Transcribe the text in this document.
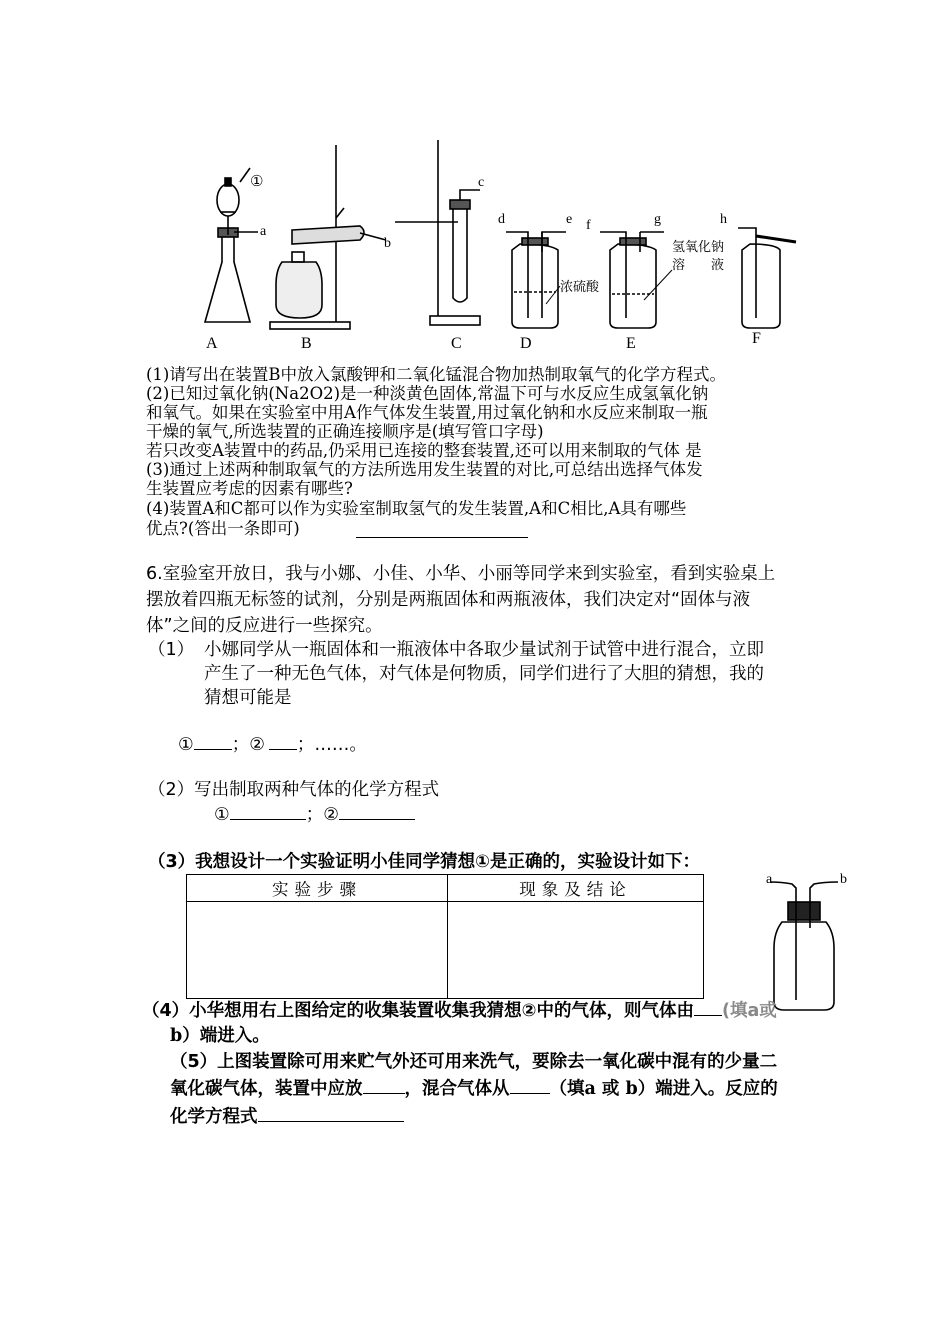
A	B	C	D	E	F
a
b
c
d	e f	g	h
①
浓硫酸
氢氧化钠
溶　　液
(1)请写出在装置B中放入氯酸钾和二氧化锰混合物加热制取氧气的化学方程式。
(2)已知过氧化钠(Na2O2)是一种淡黄色固体,常温下可与水反应生成氢氧化钠
和氧气。如果在实验室中用A作气体发生装置,用过氧化钠和水反应来制取一瓶
干燥的氧气,所选装置的正确连接顺序是(填写管口字母)
若只改变A装置中的药品,仍采用已连接的整套装置,还可以用来制取的气体 是
(3)通过上述两种制取氧气的方法所选用发生装置的对比,可总结出选择气体发
生装置应考虑的因素有哪些?
(4)装置A和C都可以作为实验室制取氢气的发生装置,A和C相比,A具有哪些
优点?(答出一条即可)
6.室验室开放日，我与小娜、小佳、小华、小丽等同学来到实验室，看到实验桌上
摆放着四瓶无标签的试剂，分别是两瓶固体和两瓶液体，我们决定对“固体与液
体”之间的反应进行一些探究。
（1） 小娜同学从一瓶固体和一瓶液体中各取少量试剂于试管中进行混合，立即
产生了一种无色气体，对气体是何物质，同学们进行了大胆的猜想，我的
猜想可能是
① ；② ；……。
（2）写出制取两种气体的化学方程式
①	；②
（3）我想设计一个实验证明小佳同学猜想①是正确的，实验设计如下：
实验步骤	现象及结论

a	b
（4）小华想用右上图给定的收集装置收集我猜想②中的气体，则气体由 (填a或
b）端进入。
（5）上图装置除可用来贮气外还可用来洗气，要除去一氧化碳中混有的少量二
氧化碳气体，装置中应放 ，混合气体从 （填a 或 b）端进入。反应的
化学方程式
